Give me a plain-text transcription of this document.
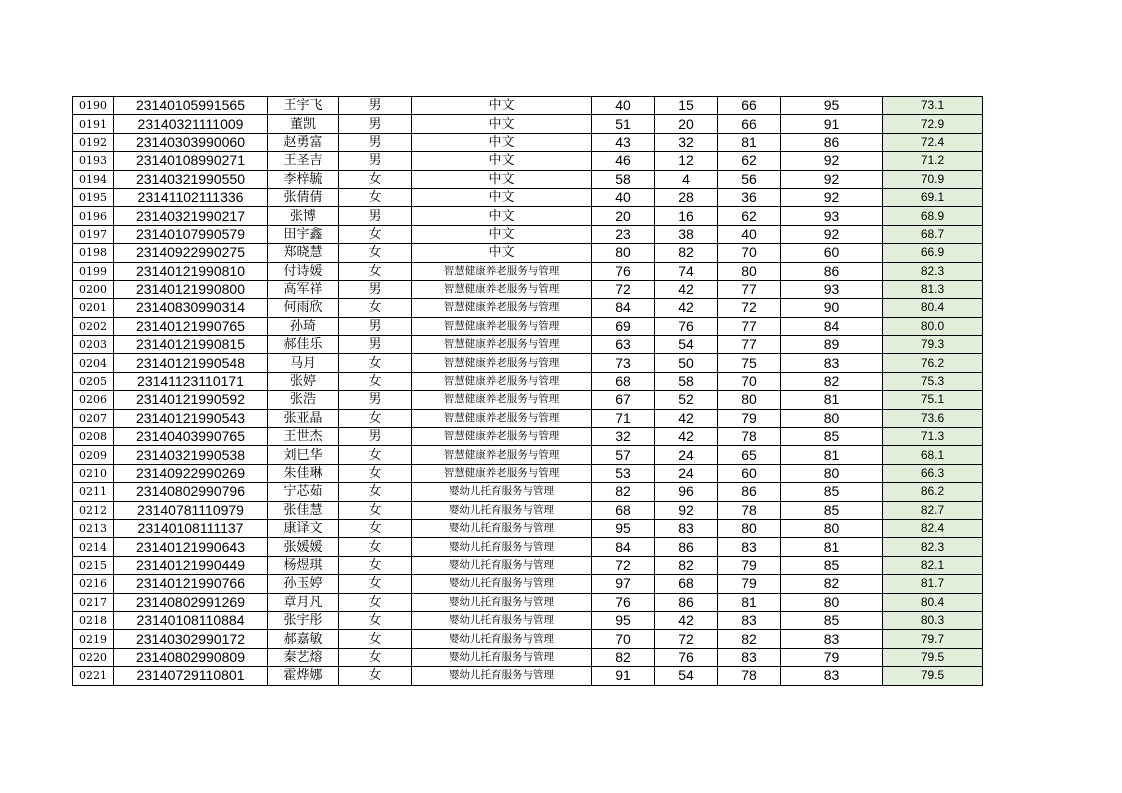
0190	23140105991565	王宇飞	男	中文	40	15	66	95	73.1
0191	23140321111009	董凯	男	中文	51	20	66	91	72.9
0192	23140303990060	赵勇富	男	中文	43	32	81	86	72.4
0193	23140108990271	王圣吉	男	中文	46	12	62	92	71.2
0194	23140321990550	李梓毓	女	中文	58	4	56	92	70.9
0195	23141102111336	张倩倩	女	中文	40	28	36	92	69.1
0196	23140321990217	张博	男	中文	20	16	62	93	68.9
0197	23140107990579	田宇鑫	女	中文	23	38	40	92	68.7
0198	23140922990275	郑晓慧	女	中文	80	82	70	60	66.9
0199	23140121990810	付诗媛	女	智慧健康养老服务与管理	76	74	80	86	82.3
0200	23140121990800	高军祥	男	智慧健康养老服务与管理	72	42	77	93	81.3
0201	23140830990314	何雨欣	女	智慧健康养老服务与管理	84	42	72	90	80.4
0202	23140121990765	孙琦	男	智慧健康养老服务与管理	69	76	77	84	80.0
0203	23140121990815	郝佳乐	男	智慧健康养老服务与管理	63	54	77	89	79.3
0204	23140121990548	马月	女	智慧健康养老服务与管理	73	50	75	83	76.2
0205	23141123110171	张婷	女	智慧健康养老服务与管理	68	58	70	82	75.3
0206	23140121990592	张浩	男	智慧健康养老服务与管理	67	52	80	81	75.1
0207	23140121990543	张亚晶	女	智慧健康养老服务与管理	71	42	79	80	73.6
0208	23140403990765	王世杰	男	智慧健康养老服务与管理	32	42	78	85	71.3
0209	23140321990538	刘巳华	女	智慧健康养老服务与管理	57	24	65	81	68.1
0210	23140922990269	朱佳琳	女	智慧健康养老服务与管理	53	24	60	80	66.3
0211	23140802990796	宁芯茹	女	婴幼儿托育服务与管理	82	96	86	85	86.2
0212	23140781110979	张佳慧	女	婴幼儿托育服务与管理	68	92	78	85	82.7
0213	23140108111137	康译文	女	婴幼儿托育服务与管理	95	83	80	80	82.4
0214	23140121990643	张媛媛	女	婴幼儿托育服务与管理	84	86	83	81	82.3
0215	23140121990449	杨煜琪	女	婴幼儿托育服务与管理	72	82	79	85	82.1
0216	23140121990766	孙玉婷	女	婴幼儿托育服务与管理	97	68	79	82	81.7
0217	23140802991269	章月凡	女	婴幼儿托育服务与管理	76	86	81	80	80.4
0218	23140108110884	张宇彤	女	婴幼儿托育服务与管理	95	42	83	85	80.3
0219	23140302990172	郝嘉敏	女	婴幼儿托育服务与管理	70	72	82	83	79.7
0220	23140802990809	秦艺熔	女	婴幼儿托育服务与管理	82	76	83	79	79.5
0221	23140729110801	霍烨娜	女	婴幼儿托育服务与管理	91	54	78	83	79.5
